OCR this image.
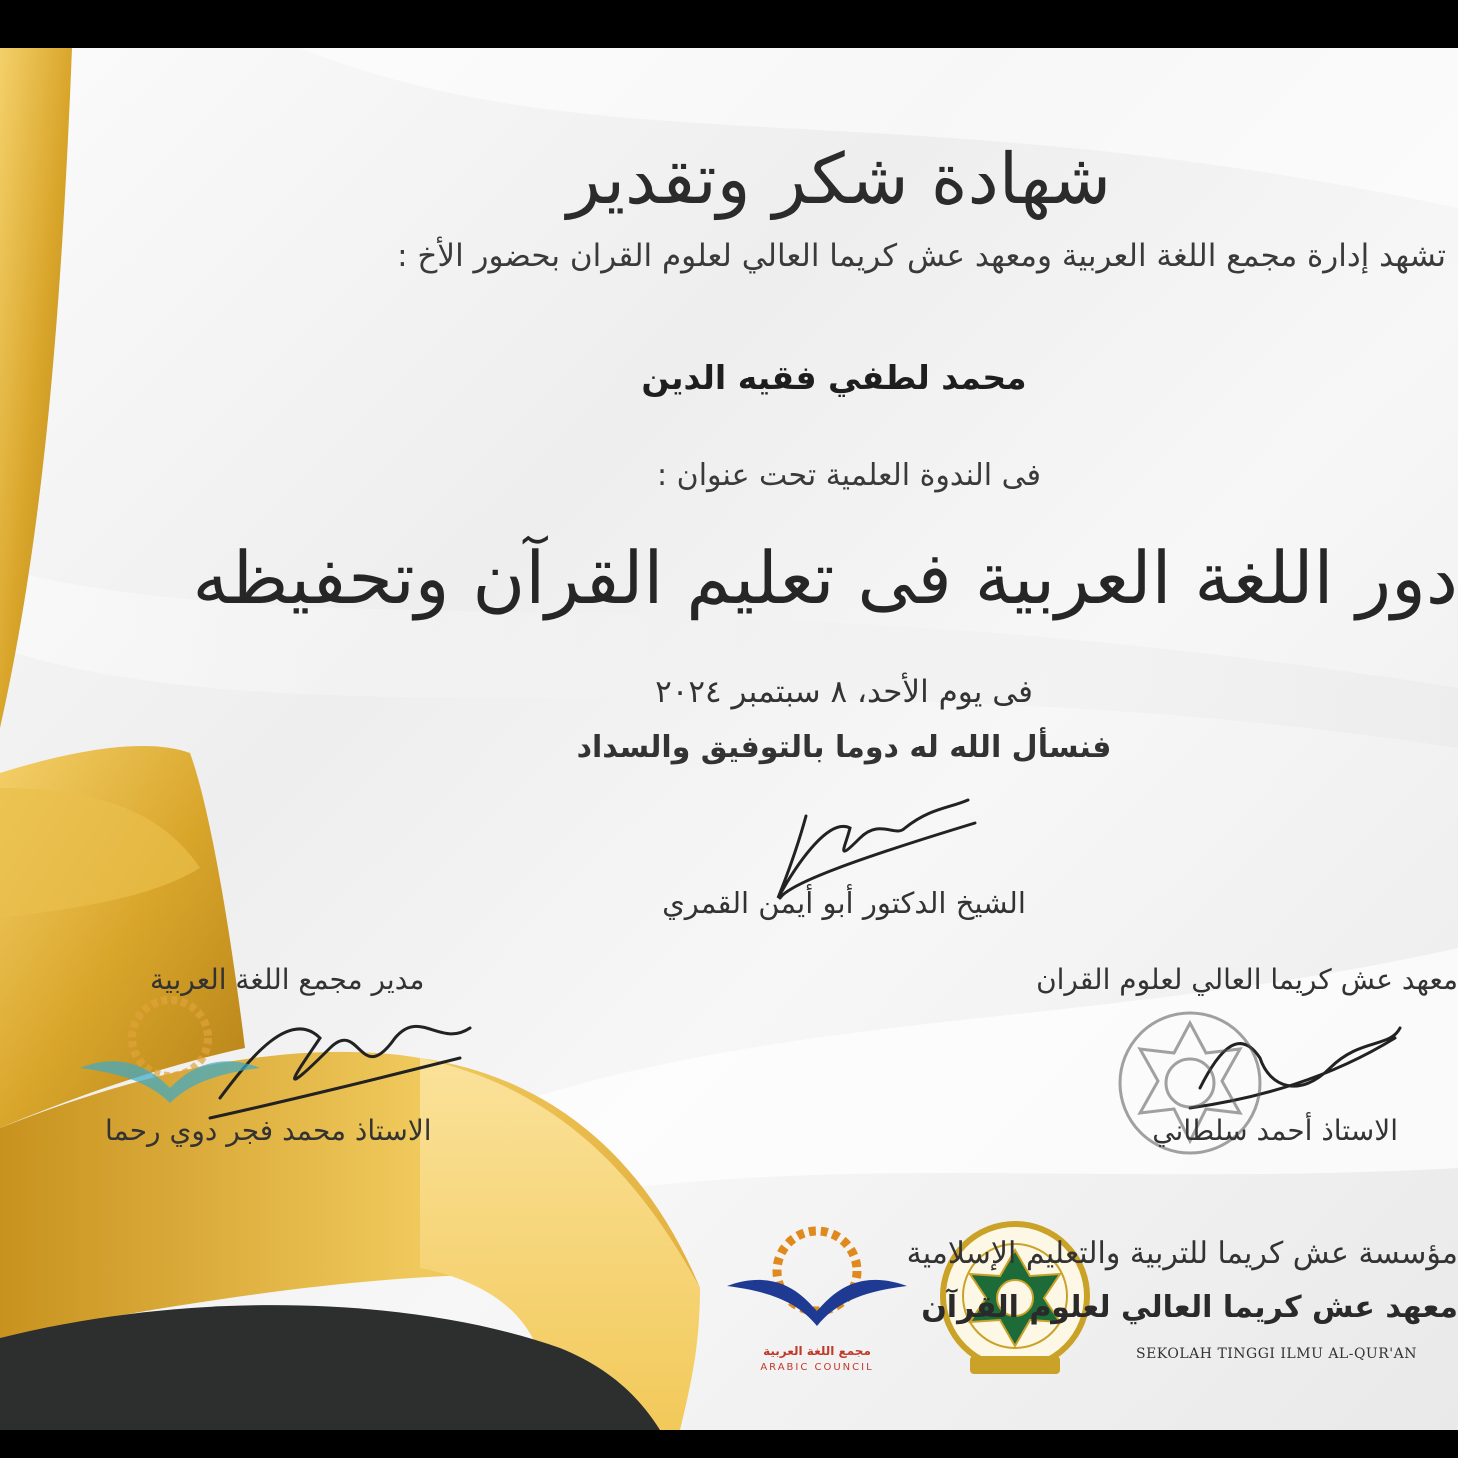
مجمع اللغة العربية
ARABIC COUNCIL
شهادة شكر وتقدير
تشهد إدارة مجمع اللغة العربية ومعهد عش كريما العالي لعلوم القران بحضور الأخ :
محمد لطفي فقيه الدين
فى الندوة العلمية تحت عنوان :
دور اللغة العربية فى تعليم القرآن وتحفيظه
فى يوم الأحد، ٨ سبتمبر ٢٠٢٤
فنسأل الله له دوما بالتوفيق والسداد
الشيخ الدكتور أبو أيمن القمري
مدير مجمع اللغة العربية
الاستاذ محمد فجر دوي رحما
معهد عش كريما العالي لعلوم القران
الاستاذ أحمد سلطاني
مؤسسة عش كريما للتربية والتعليم الإسلامية
معهد عش كريما العالي لعلوم القرآن
SEKOLAH TINGGI ILMU AL-QUR'AN
